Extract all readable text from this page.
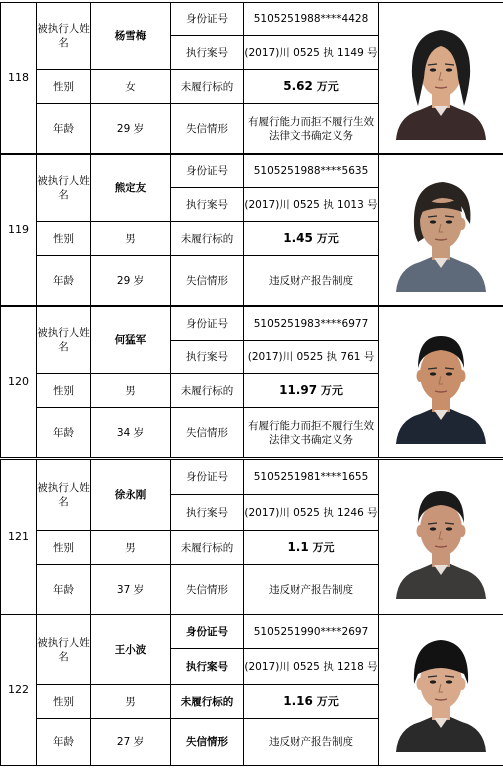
118	被执行人姓名	杨雪梅	身份证号	5105251988****4428	

			执行案号	(2017)川 0525 执 1149 号	
	性别	女	未履行标的	5.62 万元	
	年龄	29 岁	失信情形	有履行能力而拒不履行生效法律文书确定义务	
119	被执行人姓名	熊定友	身份证号	5105251988****5635	

			执行案号	(2017)川 0525 执 1013 号	
	性别	男	未履行标的	1.45 万元	
	年龄	29 岁	失信情形	违反财产报告制度	
120	被执行人姓名	何猛军	身份证号	5105251983****6977	

			执行案号	(2017)川 0525 执 761 号	
	性别	男	未履行标的	11.97 万元	
	年龄	34 岁	失信情形	有履行能力而拒不履行生效法律文书确定义务	
121	被执行人姓名	徐永刚	身份证号	5105251981****1655	

			执行案号	(2017)川 0525 执 1246 号	
	性别	男	未履行标的	1.1 万元	
	年龄	37 岁	失信情形	违反财产报告制度	
122	被执行人姓名	王小波	身份证号	5105251990****2697	

			执行案号	(2017)川 0525 执 1218 号	
	性别	男	未履行标的	1.16 万元	
	年龄	27 岁	失信情形	违反财产报告制度	
